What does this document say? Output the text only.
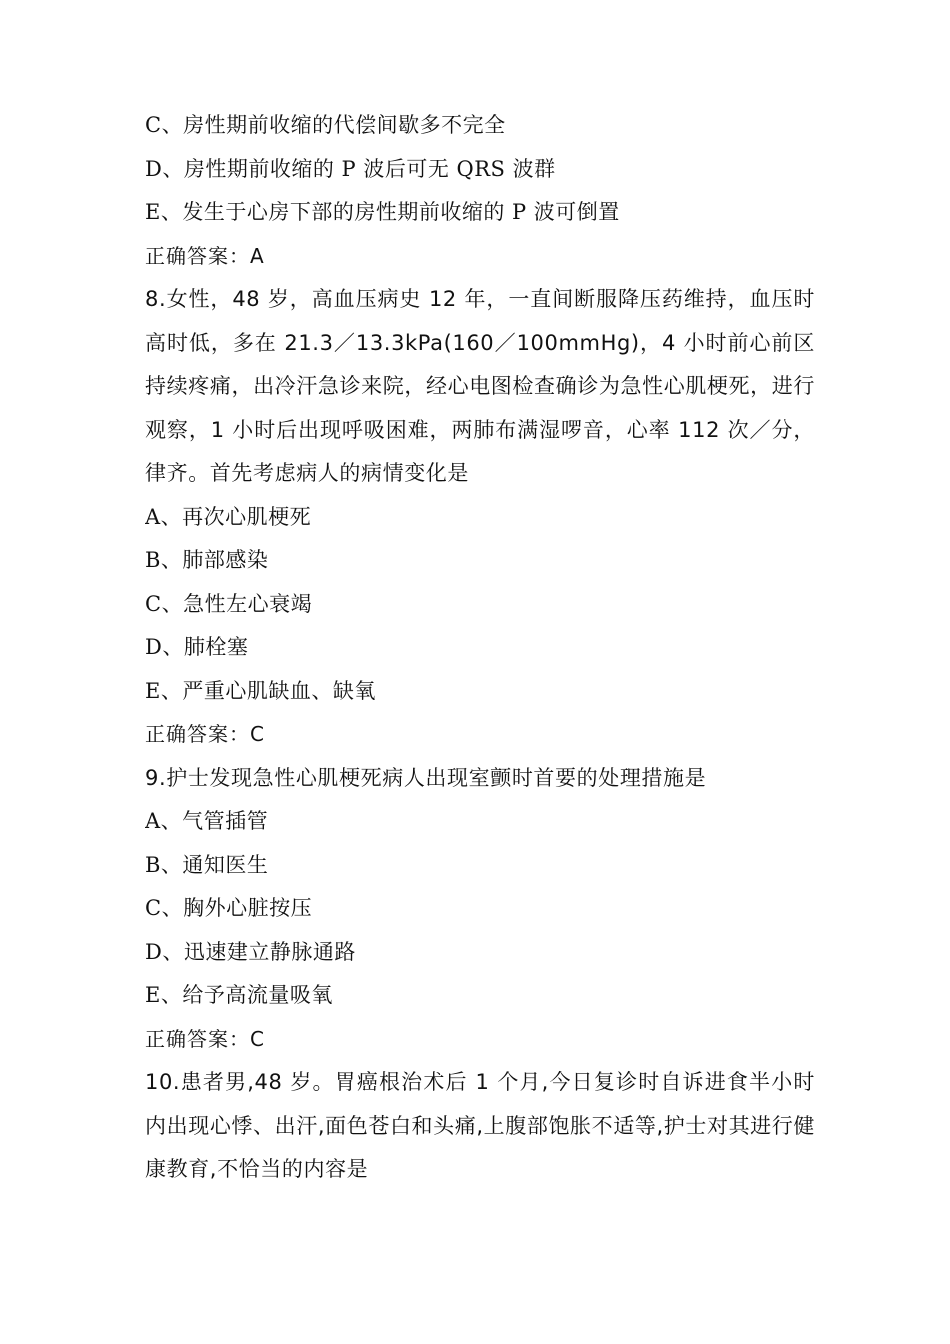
C、房性期前收缩的代偿间歇多不完全

D、房性期前收缩的 P 波后可无 QRS 波群

E、发生于心房下部的房性期前收缩的 P 波可倒置

正确答案：A

8.女性，48 岁，高血压病史 12 年，一直间断服降压药维持，血压时高时低，多在 21.3／13.3kPa(160／100mmHg)，4 小时前心前区持续疼痛，出冷汗急诊来院，经心电图检查确诊为急性心肌梗死，进行观察，1 小时后出现呼吸困难，两肺布满湿啰音，心率 112 次／分，律齐。首先考虑病人的病情变化是

A、再次心肌梗死

B、肺部感染

C、急性左心衰竭

D、肺栓塞

E、严重心肌缺血、缺氧

正确答案：C

9.护士发现急性心肌梗死病人出现室颤时首要的处理措施是

A、气管插管

B、通知医生

C、胸外心脏按压

D、迅速建立静脉通路

E、给予高流量吸氧

正确答案：C

10.患者男,48 岁。胃癌根治术后 1 个月,今日复诊时自诉进食半小时内出现心悸、出汗,面色苍白和头痛,上腹部饱胀不适等,护士对其进行健康教育,不恰当的内容是
